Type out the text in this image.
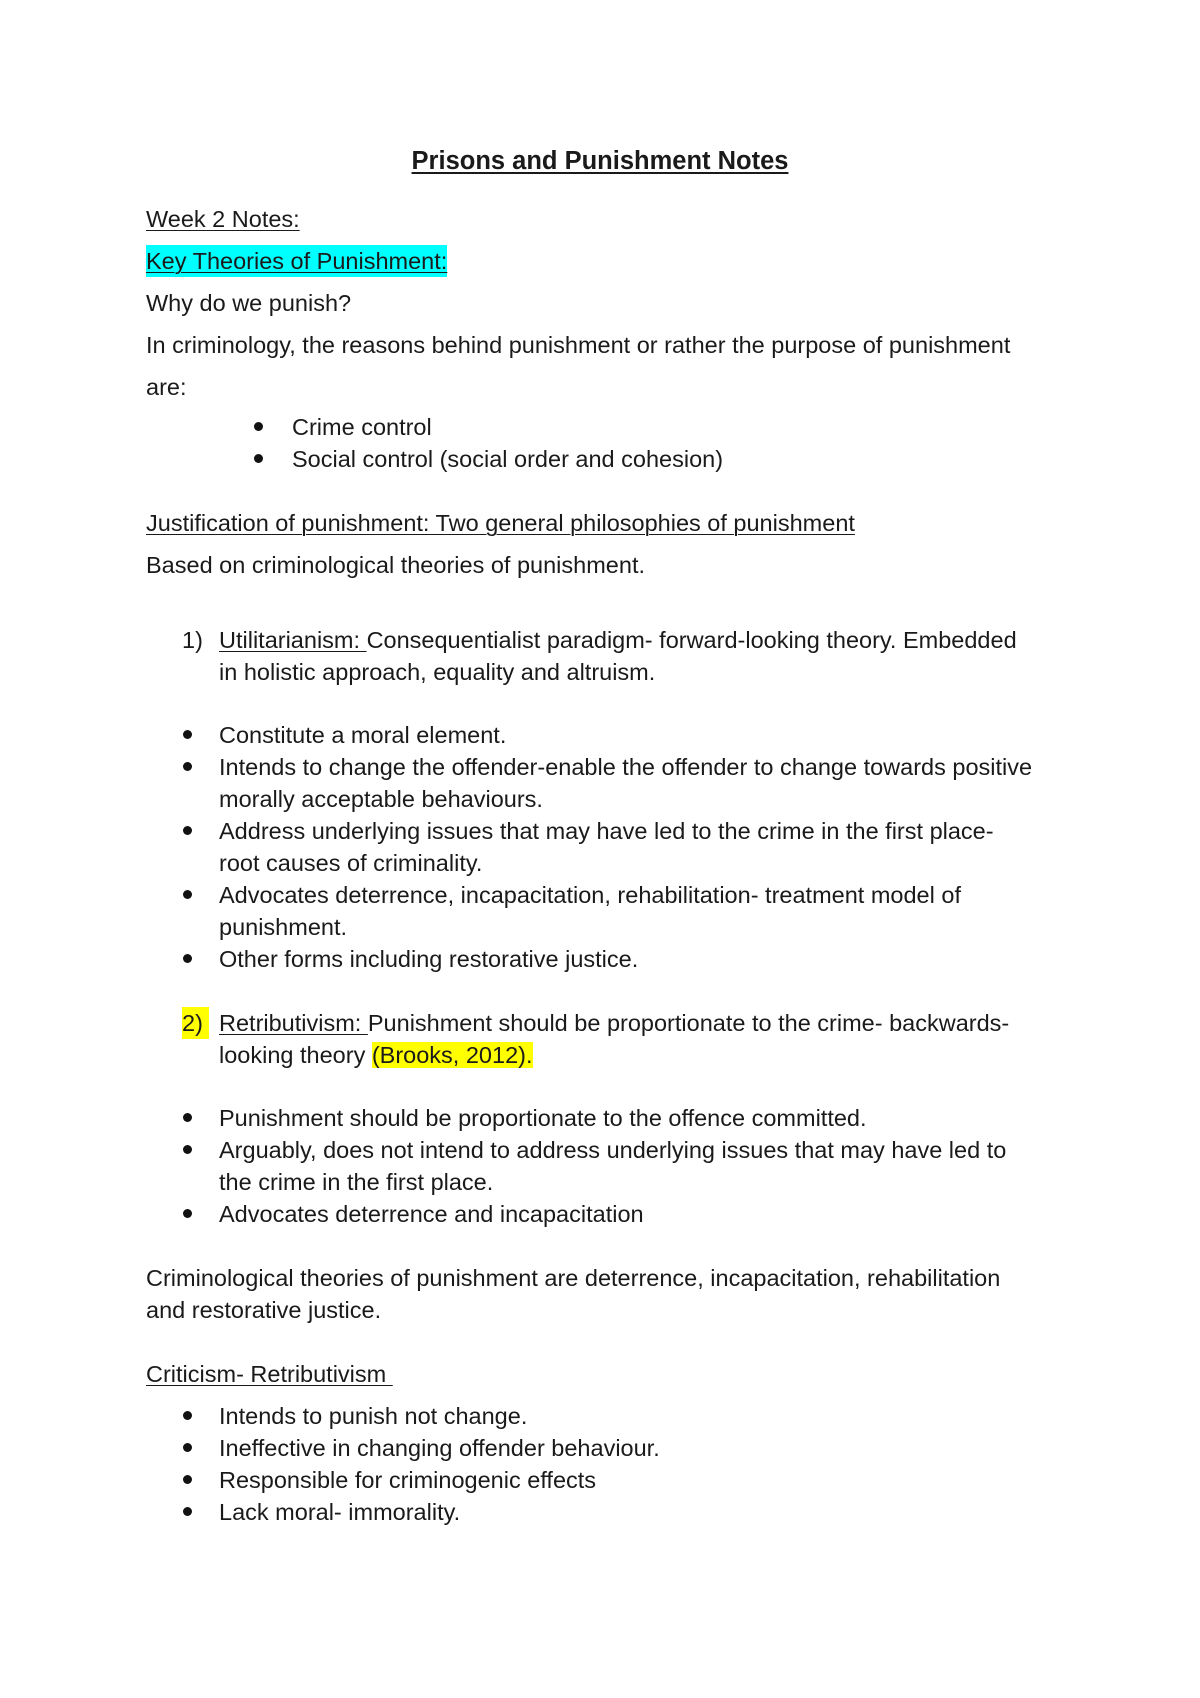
Prisons and Punishment Notes
Week 2 Notes:
Key Theories of Punishment:
Why do we punish?
In criminology, the reasons behind punishment or rather the purpose of punishment
are:
Crime control
Social control (social order and cohesion)
Justification of punishment: Two general philosophies of punishment
Based on criminological theories of punishment.
1) Utilitarianism: Consequentialist paradigm- forward-looking theory. Embedded
in holistic approach, equality and altruism.
Constitute a moral element.
Intends to change the offender-enable the offender to change towards positive
morally acceptable behaviours.
Address underlying issues that may have led to the crime in the first place-
root causes of criminality.
Advocates deterrence, incapacitation, rehabilitation- treatment model of
punishment.
Other forms including restorative justice.
2) Retributivism: Punishment should be proportionate to the crime- backwards-
looking theory (Brooks, 2012).
Punishment should be proportionate to the offence committed.
Arguably, does not intend to address underlying issues that may have led to
the crime in the first place.
Advocates deterrence and incapacitation
Criminological theories of punishment are deterrence, incapacitation, rehabilitation
and restorative justice.
Criticism- Retributivism
Intends to punish not change.
Ineffective in changing offender behaviour.
Responsible for criminogenic effects
Lack moral- immorality.
